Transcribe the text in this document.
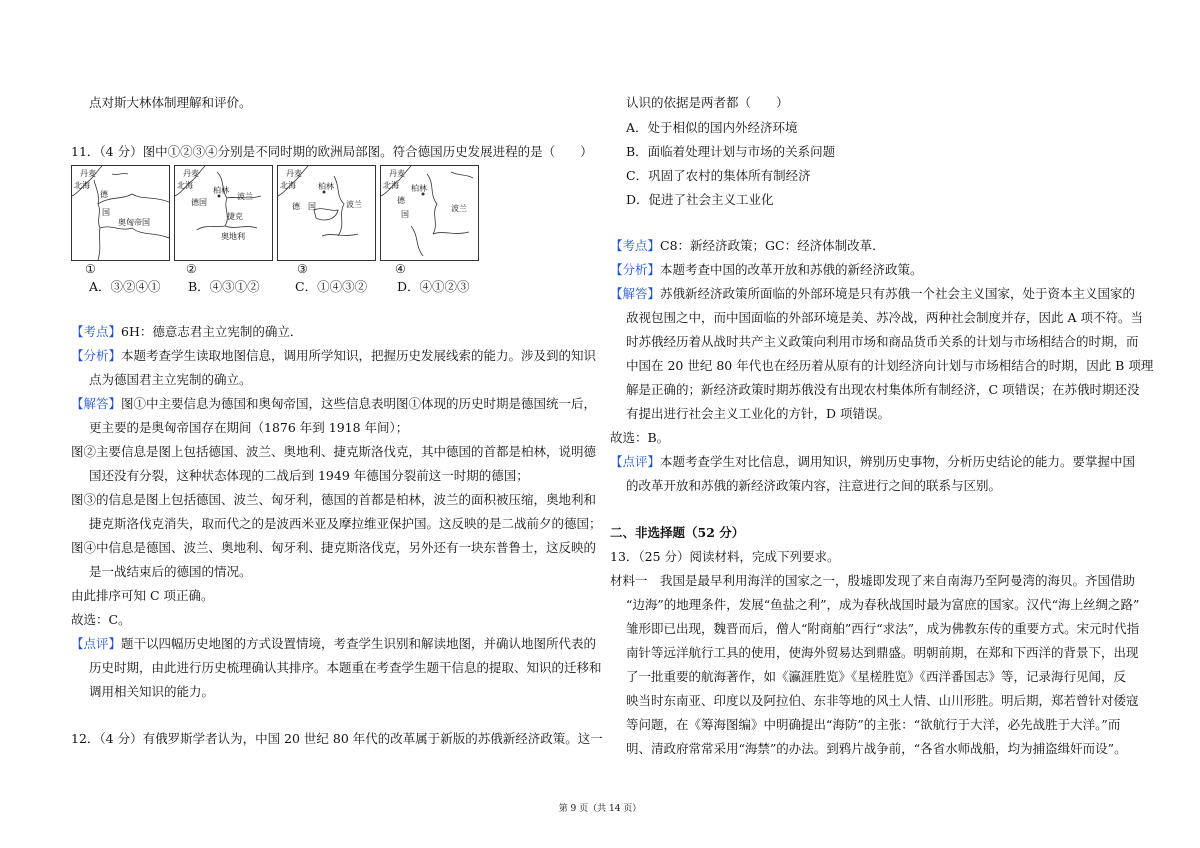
点对斯大林体制理解和评价。
11．（4 分）图中①②③④分别是不同时期的欧洲局部图。符合德国历史发展进程的是（　　）
丹麦
北海
德
国
奥匈帝国
丹麦
北海
德国
柏林
波兰
捷克
奥地利
丹麦
北海
德　国
柏林
波兰
丹麦
北海
德
国
柏林
波兰
①	②	③	④
A．③②④① B．④③①②	C．①④③② D．④①②③
【考点】6H：德意志君主立宪制的确立．
【分析】本题考查学生读取地图信息，调用所学知识，把握历史发展线索的能力。涉及到的知识
点为德国君主立宪制的确立。
【解答】图①中主要信息为德国和奥匈帝国，这些信息表明图①体现的历史时期是德国统一后，
更主要的是奥匈帝国存在期间（1876 年到 1918 年间）；
图②主要信息是图上包括德国、波兰、奥地利、捷克斯洛伐克，其中德国的首都是柏林，说明德
国还没有分裂，这种状态体现的二战后到 1949 年德国分裂前这一时期的德国；
图③的信息是图上包括德国、波兰、匈牙利，德国的首都是柏林，波兰的面积被压缩，奥地利和
捷克斯洛伐克消失，取而代之的是波西米亚及摩拉维亚保护国。这反映的是二战前夕的德国；
图④中信息是德国、波兰、奥地利、匈牙利、捷克斯洛伐克，另外还有一块东普鲁士，这反映的
是一战结束后的德国的情况。
由此排序可知 C 项正确。
故选：C。
【点评】题干以四幅历史地图的方式设置情境，考查学生识别和解读地图，并确认地图所代表的
历史时期，由此进行历史梳理确认其排序。本题重在考查学生题干信息的提取、知识的迁移和
调用相关知识的能力。
12．（4 分）有俄罗斯学者认为，中国 20 世纪 80 年代的改革属于新版的苏俄新经济政策。这一
认识的依据是两者都（　　）
A．处于相似的国内外经济环境
B．面临着处理计划与市场的关系问题
C．巩固了农村的集体所有制经济
D．促进了社会主义工业化
【考点】C8：新经济政策；GC：经济体制改革．
【分析】本题考查中国的改革开放和苏俄的新经济政策。
【解答】苏俄新经济政策所面临的外部环境是只有苏俄一个社会主义国家，处于资本主义国家的
敌视包围之中，而中国面临的外部环境是美、苏冷战，两种社会制度并存，因此 A 项不符。当
时苏俄经历着从战时共产主义政策向利用市场和商品货币关系的计划与市场相结合的时期，而
中国在 20 世纪 80 年代也在经历着从原有的计划经济向计划与市场相结合的时期，因此 B 项理
解是正确的；新经济政策时期苏俄没有出现农村集体所有制经济，C 项错误；在苏俄时期还没
有提出进行社会主义工业化的方针，D 项错误。
故选：B。
【点评】本题考查学生对比信息，调用知识，辨别历史事物，分析历史结论的能力。要掌握中国
的改革开放和苏俄的新经济政策内容，注意进行之间的联系与区别。
二、非选择题（52 分）
13．（25 分）阅读材料，完成下列要求。
材料一　我国是最早利用海洋的国家之一，殷墟即发现了来自南海乃至阿曼湾的海贝。齐国借助
“边海”的地理条件，发展“鱼盐之利”，成为春秋战国时最为富庶的国家。汉代“海上丝绸之路”
雏形即已出现，魏晋而后，僧人“附商舶”西行“求法”，成为佛教东传的重要方式。宋元时代指
南针等远洋航行工具的使用，使海外贸易达到鼎盛。明朝前期，在郑和下西洋的背景下，出现
了一批重要的航海著作，如《瀛涯胜览》《星槎胜览》《西洋番国志》等，记录海行见闻，反
映当时东南亚、印度以及阿拉伯、东非等地的风土人情、山川形胜。明后期，郑若曾针对倭寇
等问题，在《筹海图编》中明确提出“海防”的主张：“欲航行于大洋，必先战胜于大洋。”而
明、清政府常常采用“海禁”的办法。到鸦片战争前，“各省水师战船，均为捕盗缉奸而设”。
第 9 页（共 14 页）
